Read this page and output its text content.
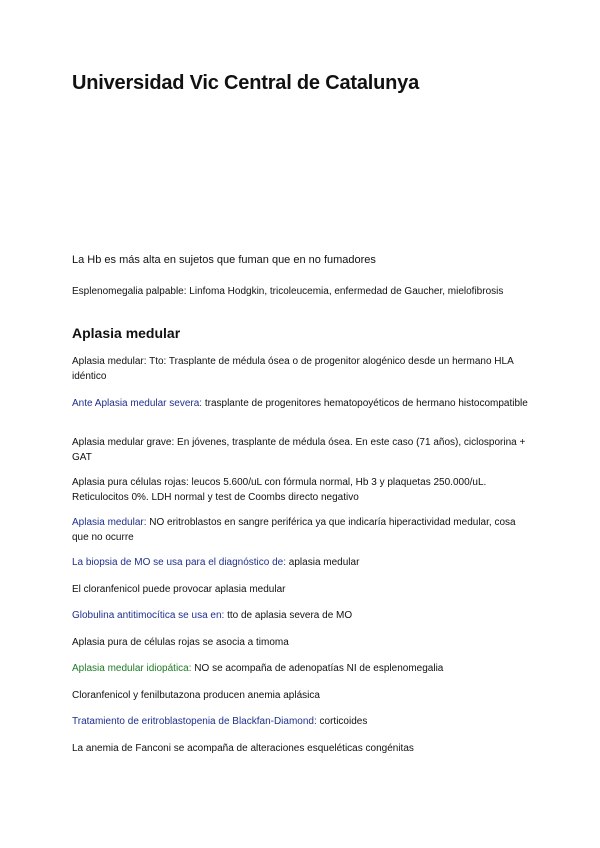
Universidad Vic Central de Catalunya

La Hb es más alta en sujetos que fuman que en no fumadores

Esplenomegalia palpable: Linfoma Hodgkin, tricoleucemia, enfermedad de Gaucher, mielofibrosis

Aplasia medular

Aplasia medular: Tto: Trasplante de médula ósea o de progenitor alogénico desde un hermano HLA idéntico

Ante Aplasia medular severa: trasplante de progenitores hematopoyéticos de hermano histocompatible

Aplasia medular grave: En jóvenes, trasplante de médula ósea. En este caso (71 años), ciclosporina + GAT

Aplasia pura células rojas: leucos 5.600/uL con fórmula normal, Hb 3 y plaquetas 250.000/uL. Reticulocitos 0%. LDH normal y test de Coombs directo negativo

Aplasia medular: NO eritroblastos en sangre periférica ya que indicaría hiperactividad medular, cosa que no ocurre

La biopsia de MO se usa para el diagnóstico de: aplasia medular

El cloranfenicol puede provocar aplasia medular

Globulina antitimocítica se usa en: tto de aplasia severa de MO

Aplasia pura de células rojas se asocia a timoma

Aplasia medular idiopática: NO se acompaña de adenopatías NI de esplenomegalia

Cloranfenicol y fenilbutazona producen anemia aplásica

Tratamiento de eritroblastopenia de Blackfan-Diamond: corticoides

La anemia de Fanconi se acompaña de alteraciones esqueléticas congénitas
